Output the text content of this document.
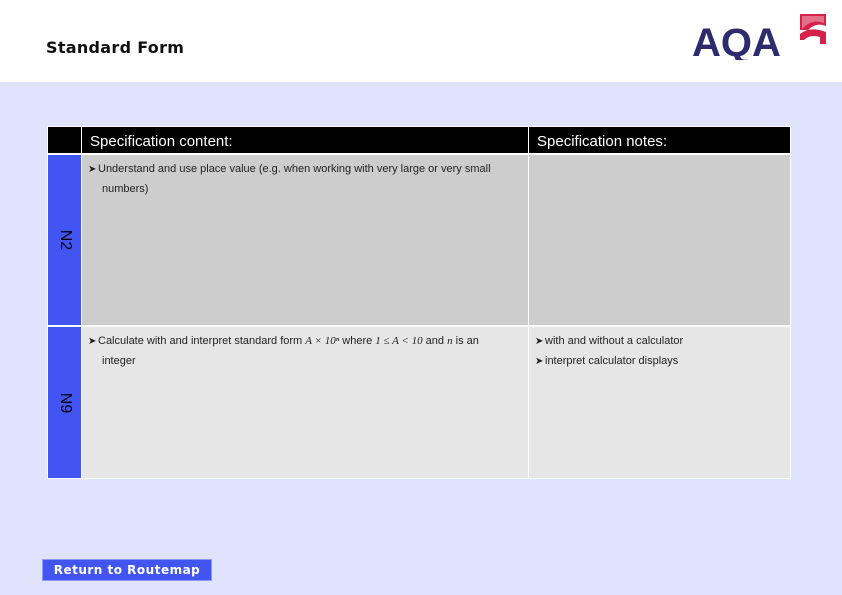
Standard Form	AQA
Specification content:	Specification notes:
N2
➤ Understand and use place value (e.g. when working with very large or very small
numbers)
N9
➤ Calculate with and interpret standard form A × 10ⁿ where 1 ≤ A < 10 and n is an
integer
➤ with and without a calculator
➤ interpret calculator displays
Return to Routemap
